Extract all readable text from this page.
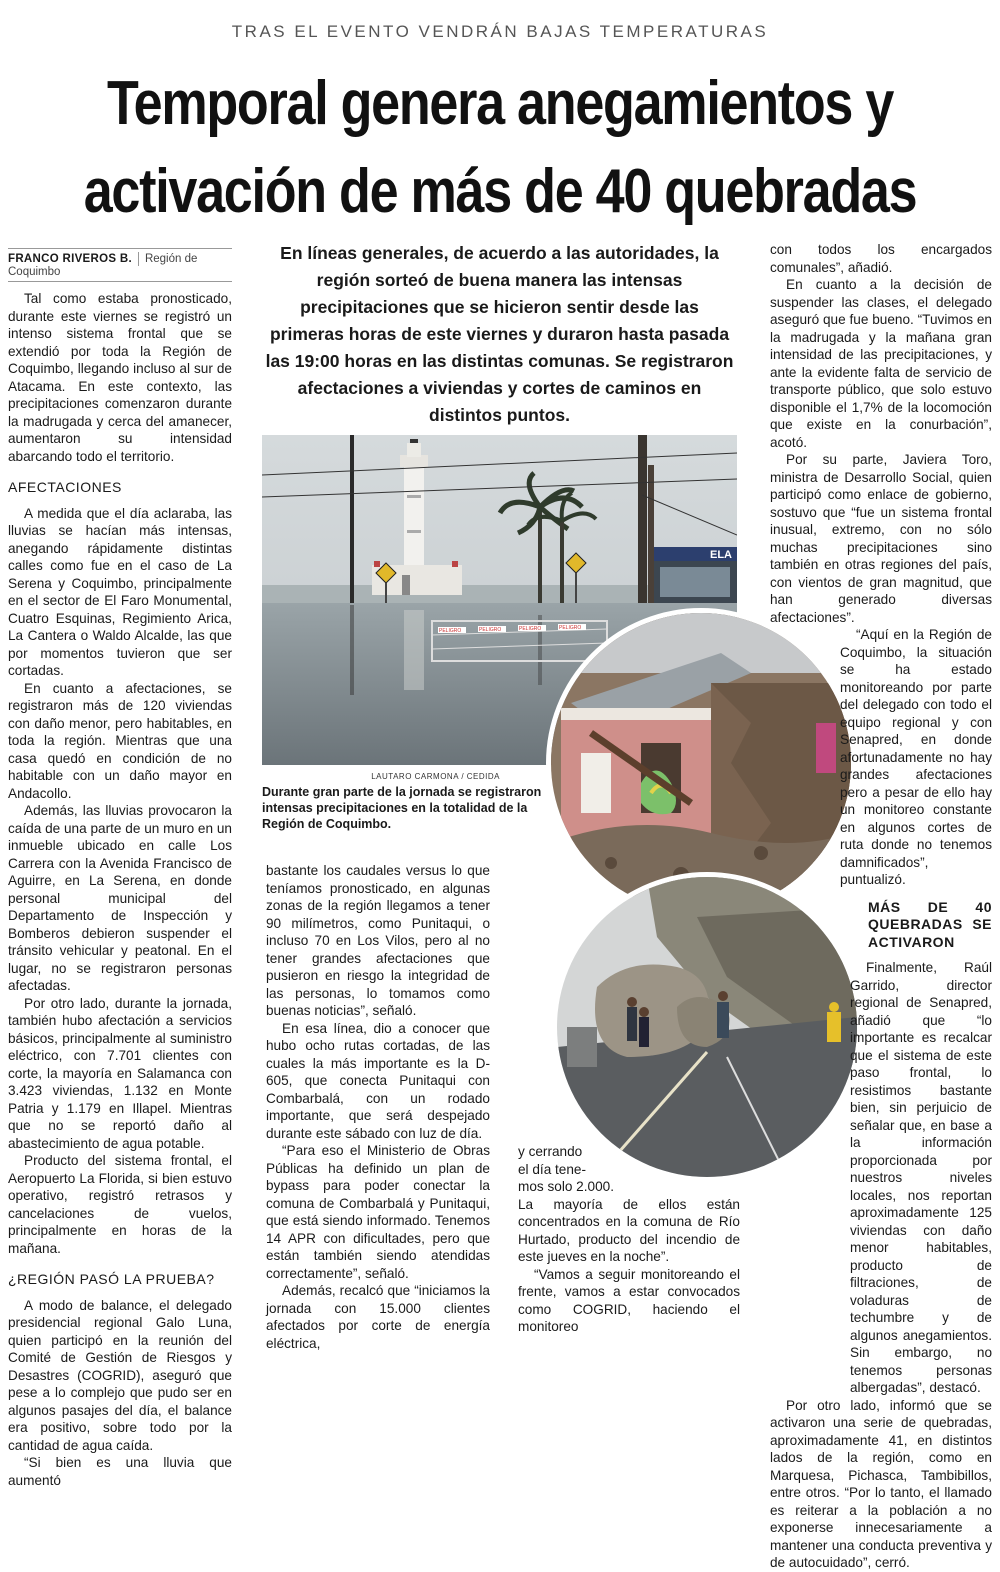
TRAS EL EVENTO VENDRÁN BAJAS TEMPERATURAS
Temporal genera anegamientos y
activación de más de 40 quebradas
FRANCO RIVEROS B. Región de Coquimbo

Tal como estaba pronosticado, durante este viernes se registró un intenso sistema frontal que se extendió por toda la Región de Coquimbo, llegando incluso al sur de Atacama. En este contexto, las precipitaciones comenzaron durante la madrugada y cerca del amanecer, aumentaron su intensidad abarcando todo el territorio.

AFECTACIONES

A medida que el día aclaraba, las lluvias se hacían más intensas, anegando rápidamente distintas calles como fue en el caso de La Serena y Coquimbo, principalmente en el sector de El Faro Monumental, Cuatro Esquinas, Regimiento Arica, La Cantera o Waldo Alcalde, las que por momentos tuvieron que ser cortadas.

En cuanto a afectaciones, se registraron más de 120 viviendas con daño menor, pero habitables, en toda la región. Mientras que una casa quedó en condición de no habitable con un daño mayor en Andacollo.

Además, las lluvias provocaron la caída de una parte de un muro en un inmueble ubicado en calle Los Carrera con la Avenida Francisco de Aguirre, en La Serena, en donde personal municipal del Departamento de Inspección y Bomberos debieron suspender el tránsito vehicular y peatonal. En el lugar, no se registraron personas afectadas.

Por otro lado, durante la jornada, también hubo afectación a servicios básicos, principalmente al suministro eléctrico, con 7.701 clientes con corte, la mayoría en Salamanca con 3.423 viviendas, 1.132 en Monte Patria y 1.179 en Illapel. Mientras que no se reportó daño al abastecimiento de agua potable.

Producto del sistema frontal, el Aeropuerto La Florida, si bien estuvo operativo, registró retrasos y cancelaciones de vuelos, principalmente en horas de la mañana.

¿REGIÓN PASÓ LA PRUEBA?

A modo de balance, el delegado presidencial regional Galo Luna, quien participó en la reunión del Comité de Gestión de Riesgos y Desastres (COGRID), aseguró que pese a lo complejo que pudo ser en algunos pasajes del día, el balance era positivo, sobre todo por la cantidad de agua caída.

“Si bien es una lluvia que aumentó

En líneas generales, de acuerdo a las autoridades, la región sorteó de buena manera las intensas precipitaciones que se hicieron sentir desde las primeras horas de este viernes y duraron hasta pasada las 19:00 horas en las distintas comunas. Se registraron afectaciones a viviendas y cortes de caminos en distintos puntos.
ELA
PELIGRO	PELIGRO	PELIGRO	PELIGRO
LAUTARO CARMONA / CEDIDA
Durante gran parte de la jornada se registraron intensas precipitaciones en la totalidad de la Región de Coquimbo.

bastante los caudales versus lo que teníamos pronosticado, en algunas zonas de la región llegamos a tener 90 milímetros, como Punitaqui, o incluso 70 en Los Vilos, pero al no tener grandes afectaciones que pusieron en riesgo la integridad de las personas, lo tomamos como buenas noticias”, señaló.

En esa línea, dio a conocer que hubo ocho rutas cortadas, de las cuales la más importante es la D-605, que conecta Punitaqui con Combarbalá, con un rodado importante, que será despejado durante este sábado con luz de día.

“Para eso el Ministerio de Obras Públicas ha definido un plan de bypass para poder conectar la comuna de Combarbalá y Punitaqui, que está siendo informado. Tenemos 14 APR con dificultades, pero que están también siendo atendidas correctamente”, señaló.

Además, recalcó que “iniciamos la jornada con 15.000 clientes afectados por corte de energía eléctrica,

y cerrando
el día tene-
mos solo 2.000.

La mayoría de ellos están concentrados en la comuna de Río Hurtado, producto del incendio de este jueves en la noche”.

“Vamos a seguir monitoreando el frente, vamos a estar convocados como COGRID, haciendo el monitoreo

con todos los encargados comunales”, añadió.

En cuanto a la decisión de suspender las clases, el delegado aseguró que fue bueno. “Tuvimos en la madrugada y la mañana gran intensidad de las precipitaciones, y ante la evidente falta de servicio de transporte público, que solo estuvo disponible el 1,7% de la locomoción que existe en la conurbación”, acotó.

Por su parte, Javiera Toro, ministra de Desarrollo Social, quien participó como enlace de gobierno, sostuvo que “fue un sistema frontal inusual, extremo, con no sólo muchas precipitaciones sino también en otras regiones del país, con vientos de gran magnitud, que han generado diversas afectaciones”.

“Aquí en la Región de Coquimbo, la situación se ha estado monitoreando por parte del delegado con todo el equipo regional y con Senapred, en donde afortunadamente no hay grandes afectaciones pero a pesar de ello hay un monitoreo constante en algunos cortes de ruta donde no tenemos damnificados”, puntualizó.

MÁS DE 40 QUEBRADAS SE ACTIVARON

Finalmente, Raúl Garrido, director regional de Senapred, añadió que “lo importante es recalcar que el sistema de este paso frontal, lo resistimos bastante bien, sin perjuicio de señalar que, en base a la información proporcionada por nuestros niveles locales, nos reportan aproximadamente 125 viviendas con daño menor habitables, producto de filtraciones, de voladuras de techumbre y de algunos anegamientos. Sin embargo, no tenemos personas albergadas”, destacó.

Por otro lado, informó que se activaron una serie de quebradas, aproximadamente 41, en distintos lados de la región, como en Marquesa, Pichasca, Tambibillos, entre otros. “Por lo tanto, el llamado es reiterar a la población a no exponerse innecesariamente a mantener una conducta preventiva y de autocuidado”, cerró.
